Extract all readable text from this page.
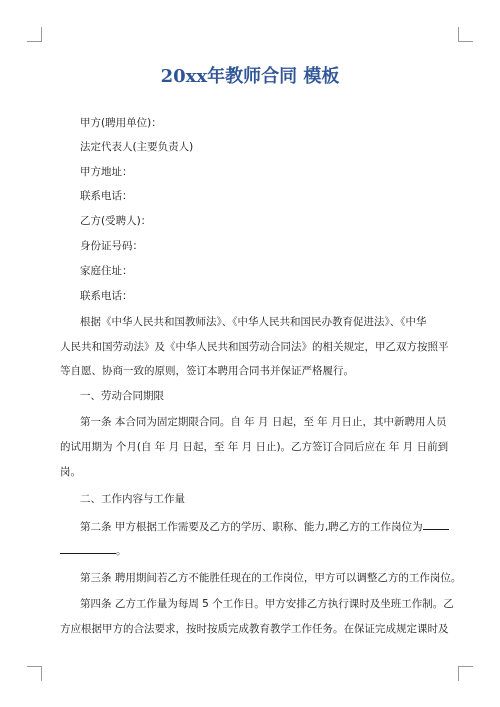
20xx年教师合同 模板
甲方(聘用单位)：
法定代表人(主要负责人)
甲方地址：
联系电话：
乙方(受聘人)：
身份证号码：
家庭住址：
联系电话：
根据《中华人民共和国教师法》、《中华人民共和国民办教育促进法》、《中华
人民共和国劳动法》及《中华人民共和国劳动合同法》的相关规定，甲乙双方按照平
等自愿、协商一致的原则，签订本聘用合同书并保证严格履行。
一、劳动合同期限
第一条 本合同为固定期限合同。自 年 月 日起，至 年 月日止，其中新聘用人员
的试用期为 个月(自 年 月 日起，至 年 月 日止)。乙方签订合同后应在 年 月 日前到
岗。
二、工作内容与工作量
第二条 甲方根据工作需要及乙方的学历、职称、能力,聘乙方的工作岗位为
。
第三条 聘用期间若乙方不能胜任现在的工作岗位，甲方可以调整乙方的工作岗位。
第四条 乙方工作量为每周 5 个工作日。甲方安排乙方执行课时及坐班工作制。乙
方应根据甲方的合法要求，按时按质完成教育教学工作任务。在保证完成规定课时及
